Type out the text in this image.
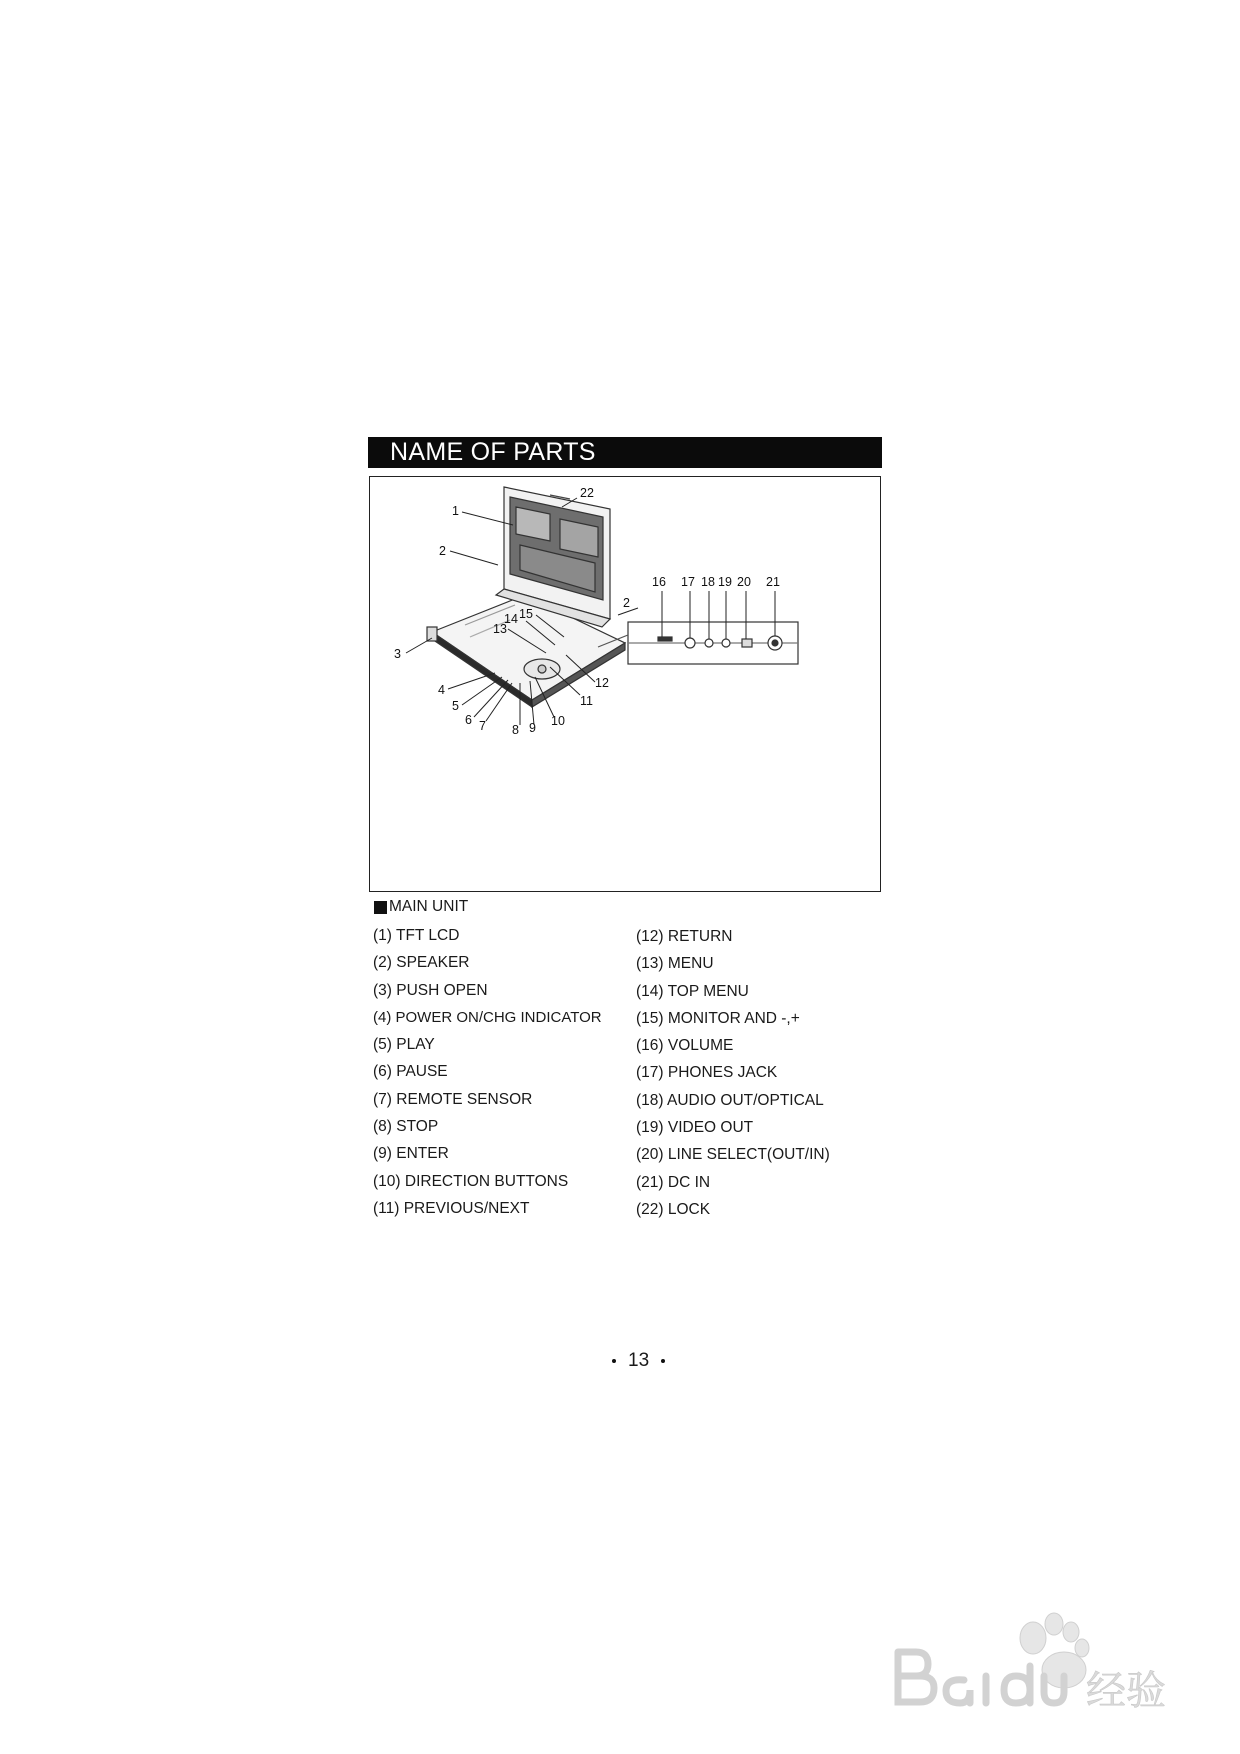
NAME OF PARTS
1
2
2
3
4
5
6 7 8 9 10
11
12
13
14 15
16 17 18 19 20 21
22
MAIN UNIT
(1) TFT LCD
(2) SPEAKER
(3) PUSH OPEN
(4) POWER ON/CHG INDICATOR
(5) PLAY
(6) PAUSE
(7) REMOTE SENSOR
(8) STOP
(9) ENTER
(10) DIRECTION BUTTONS
(11) PREVIOUS/NEXT
(12) RETURN
(13) MENU
(14) TOP MENU
(15) MONITOR AND -,+
(16) VOLUME
(17) PHONES JACK
(18) AUDIO OUT/OPTICAL
(19) VIDEO OUT
(20) LINE SELECT(OUT/IN)
(21) DC IN
(22) LOCK
13
经验
